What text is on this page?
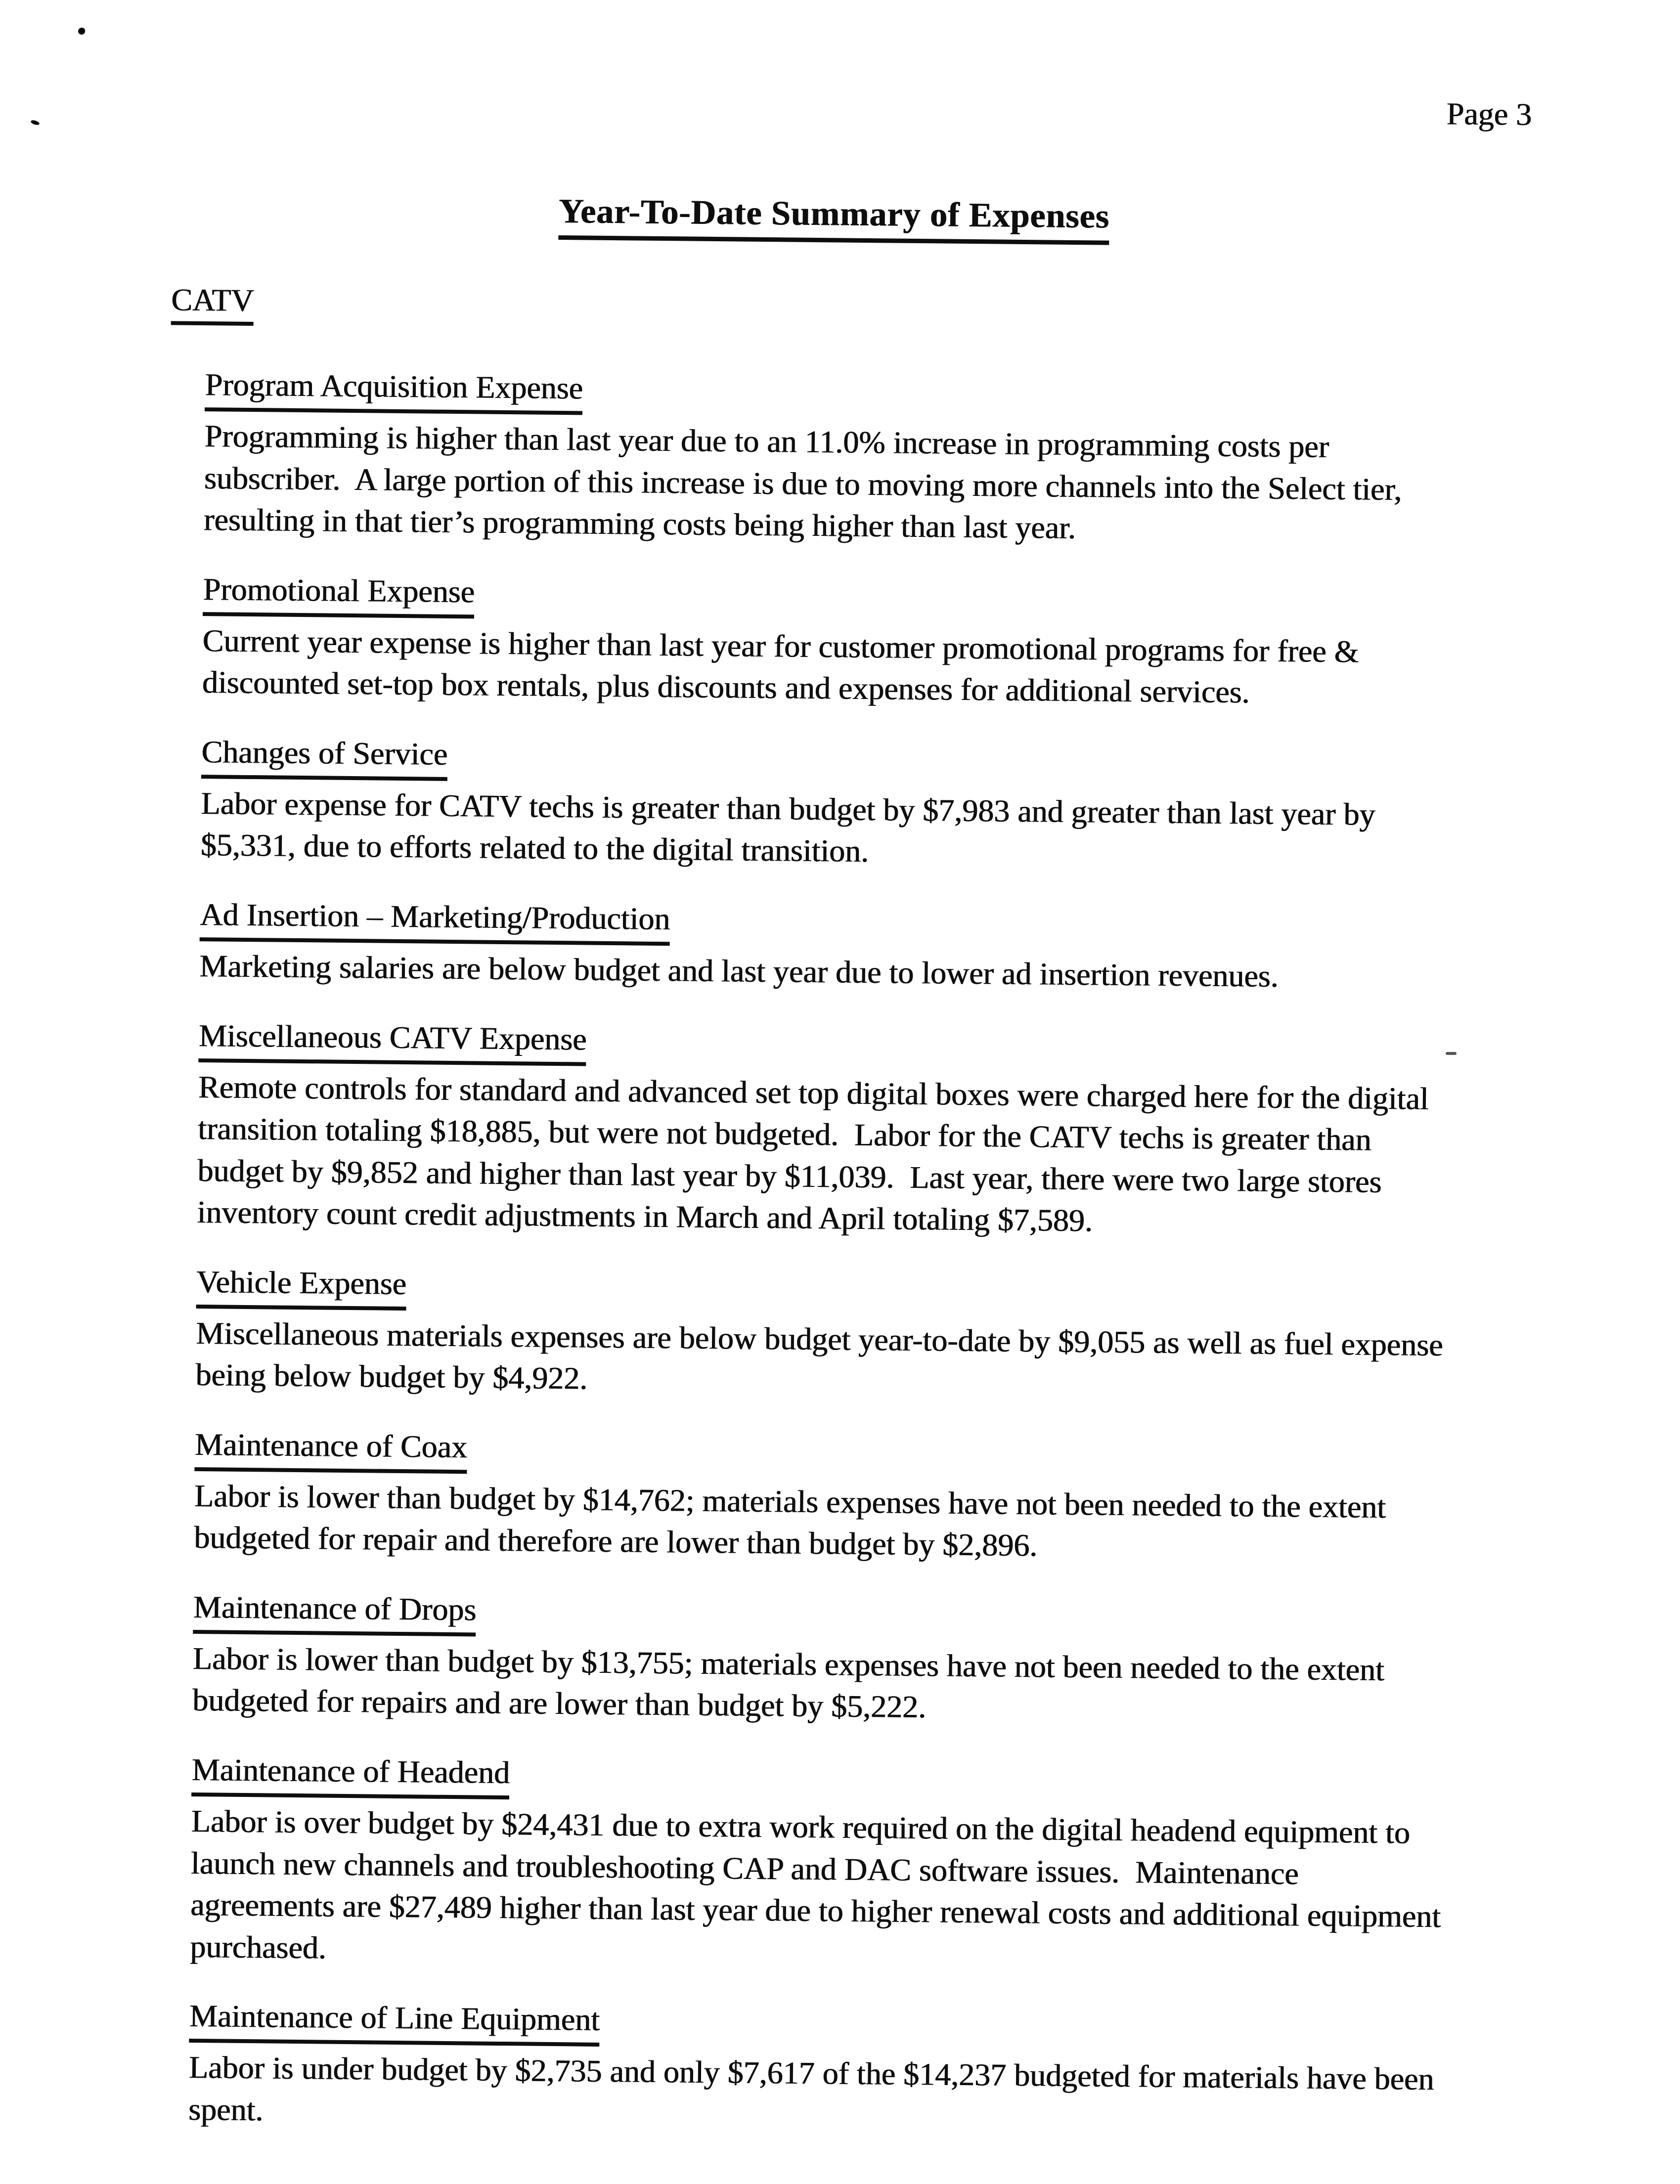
Page 3
Year-To-Date Summary of Expenses
CATV
Program Acquisition Expense

Programming is higher than last year due to an 11.0% increase in programming costs per subscriber.  A large portion of this increase is due to moving more channels into the Select tier, resulting in that tier’s programming costs being higher than last year.

Promotional Expense

Current year expense is higher than last year for customer promotional programs for free & discounted set-top box rentals, plus discounts and expenses for additional services.

Changes of Service

Labor expense for CATV techs is greater than budget by $7,983 and greater than last year by $5,331, due to efforts related to the digital transition.

Ad Insertion – Marketing/Production

Marketing salaries are below budget and last year due to lower ad insertion revenues.

Miscellaneous CATV Expense

Remote controls for standard and advanced set top digital boxes were charged here for the digital transition totaling $18,885, but were not budgeted.  Labor for the CATV techs is greater than budget by $9,852 and higher than last year by $11,039.  Last year, there were two large stores inventory count credit adjustments in March and April totaling $7,589.

Vehicle Expense

Miscellaneous materials expenses are below budget year-to-date by $9,055 as well as fuel expense being below budget by $4,922.

Maintenance of Coax

Labor is lower than budget by $14,762; materials expenses have not been needed to the extent budgeted for repair and therefore are lower than budget by $2,896.

Maintenance of Drops

Labor is lower than budget by $13,755; materials expenses have not been needed to the extent budgeted for repairs and are lower than budget by $5,222.

Maintenance of Headend

Labor is over budget by $24,431 due to extra work required on the digital headend equipment to launch new channels and troubleshooting CAP and DAC software issues.  Maintenance agreements are $27,489 higher than last year due to higher renewal costs and additional equipment purchased.

Maintenance of Line Equipment

Labor is under budget by $2,735 and only $7,617 of the $14,237 budgeted for materials have been spent.
